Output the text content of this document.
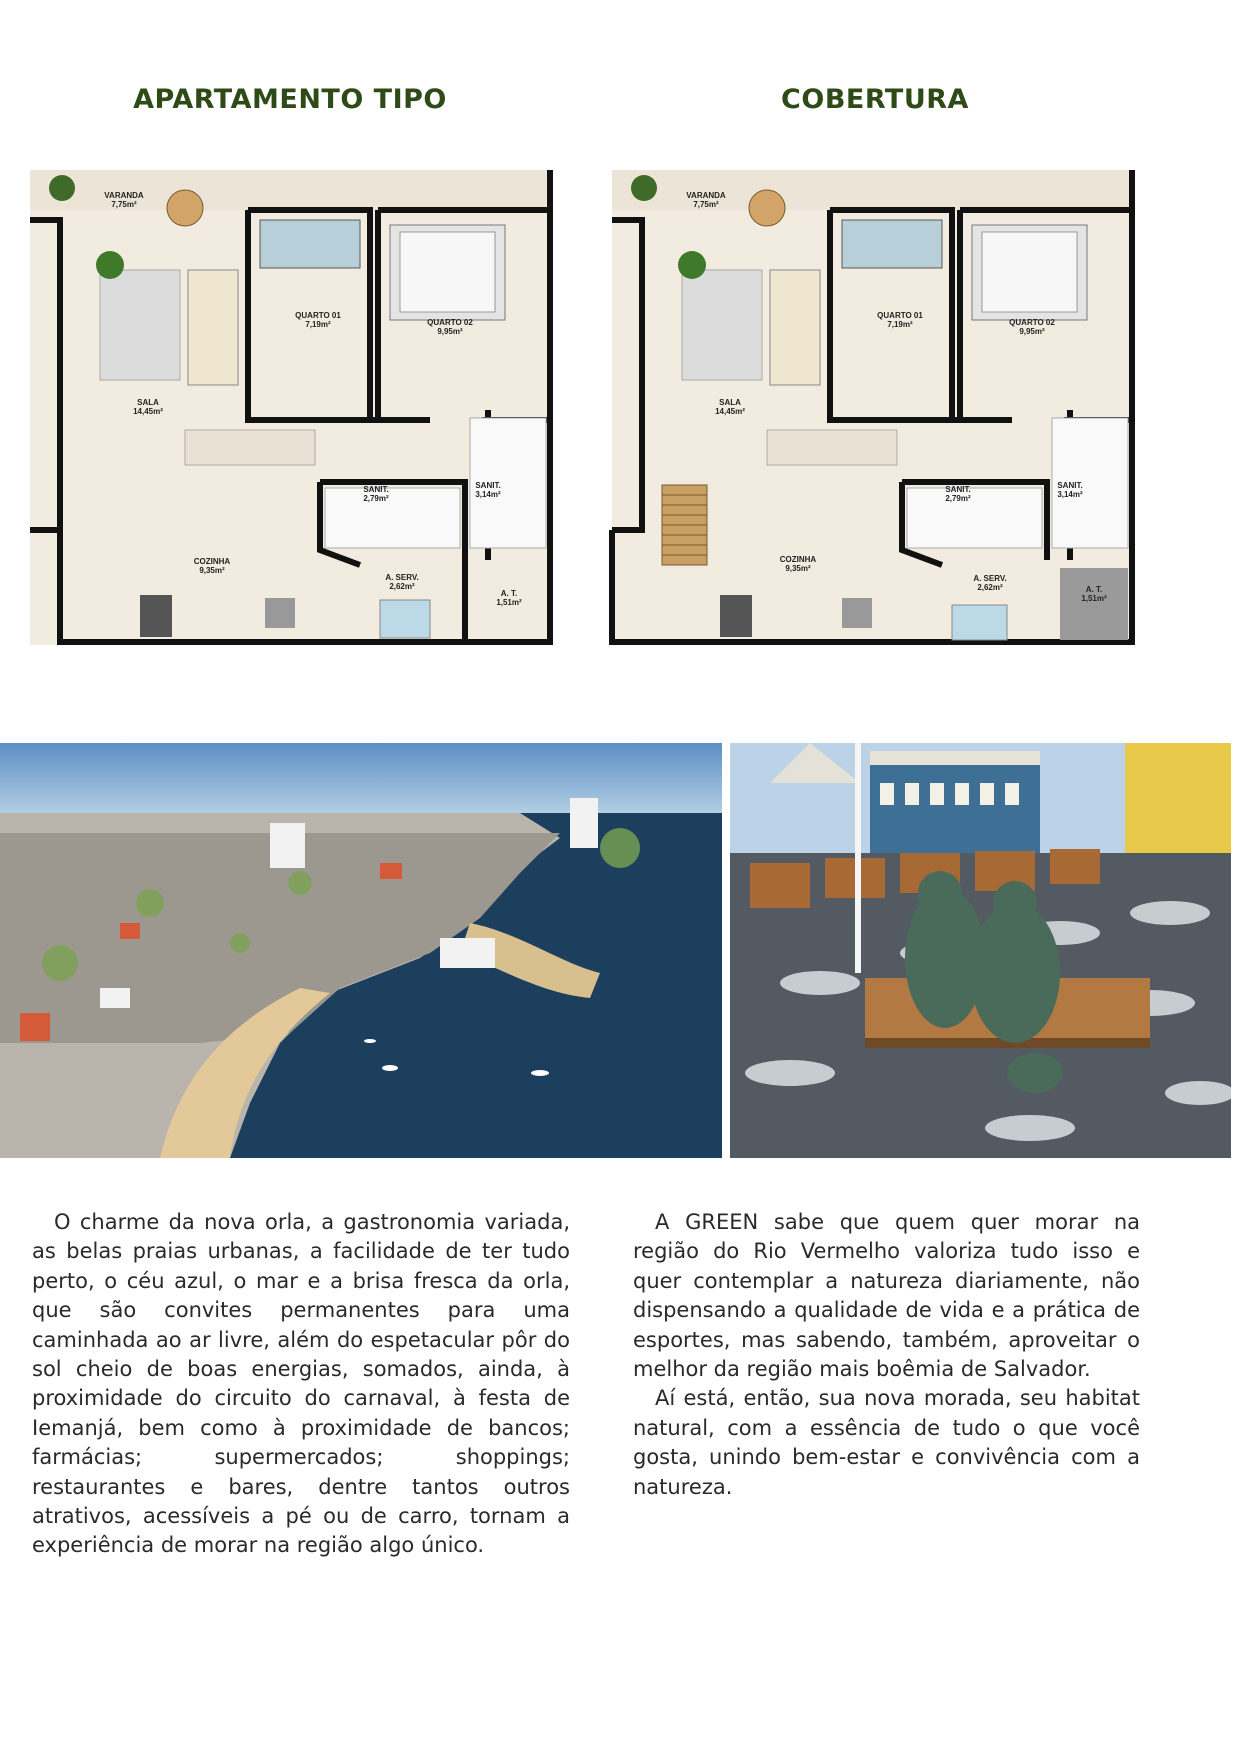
APARTAMENTO TIPO	COBERTURA
VARANDA
7,75m²
QUARTO 01
7,19m²	QUARTO 02
9,95m²
SALA
14,45m²
SANIT.
2,79m²
SANIT.
3,14m²
COZINHA
9,35m²
A. SERV.
2,62m²
A. T.
1,51m²
VARANDA
7,75m²
QUARTO 01
7,19m²	QUARTO 02
9,95m²
SALA
14,45m²
SANIT.
2,79m²
SANIT.
3,14m²
COZINHA
9,35m²
A. SERV.
2,62m²	A. T.
1,51m²

O charme da nova orla, a gastronomia variada, as belas praias urbanas, a facilidade de ter tudo perto, o céu azul, o mar e a brisa fresca da orla, que são convites permanentes para uma caminhada ao ar livre, além do espetacular pôr do sol cheio de boas energias, somados, ainda, à proximidade do circuito do carnaval, à festa de Iemanjá, bem como à proximidade de bancos; farmácias; supermercados; shoppings; restaurantes e bares, dentre tantos outros atrativos, acessíveis a pé ou de carro, tornam a experiência de morar na região algo único.

A GREEN sabe que quem quer morar na região do Rio Vermelho valoriza tudo isso e quer contemplar a natureza diariamente, não dispensando a qualidade de vida e a prática de esportes, mas sabendo, também, aproveitar o melhor da região mais boêmia de Salvador.

Aí está, então, sua nova morada, seu habitat natural, com a essência de tudo o que você gosta, unindo bem-estar e convivência com a natureza.
